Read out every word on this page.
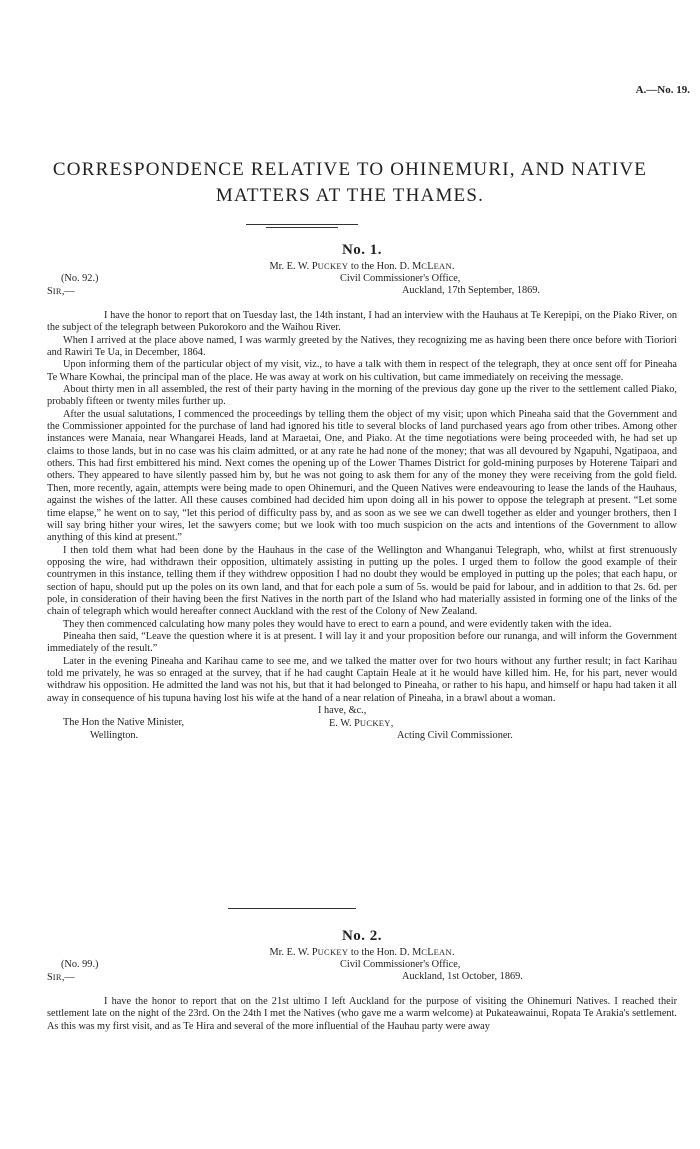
A.—No. 19.
CORRESPONDENCE RELATIVE TO OHINEMURI, AND NATIVE
MATTERS AT THE THAMES.
No. 1.

Mr. E. W. PUCKEY to the Hon. D. MCLEAN.

(No. 92.)	Civil Commissioner's Office,
Auckland, 17th September, 1869.
SIR,—

I have the honor to report that on Tuesday last, the 14th instant, I had an interview with the Hauhaus at Te Kerepipi, on the Piako River, on the subject of the telegraph between Pukorokoro and the Waihou River.

When I arrived at the place above named, I was warmly greeted by the Natives, they recognizing me as having been there once before with Tioriori and Rawiri Te Ua, in December, 1864.

Upon informing them of the particular object of my visit, viz., to have a talk with them in respect of the telegraph, they at once sent off for Pineaha Te Whare Kowhai, the principal man of the place. He was away at work on his cultivation, but came immediately on receiving the message.

About thirty men in all assembled, the rest of their party having in the morning of the previous day gone up the river to the settlement called Piako, probably fifteen or twenty miles further up.

After the usual salutations, I commenced the proceedings by telling them the object of my visit; upon which Pineaha said that the Government and the Commissioner appointed for the purchase of land had ignored his title to several blocks of land purchased years ago from other tribes. Among other instances were Manaia, near Whangarei Heads, land at Maraetai, One, and Piako. At the time negotiations were being proceeded with, he had set up claims to those lands, but in no case was his claim admitted, or at any rate he had none of the money; that was all devoured by Ngapuhi, Ngatipaoa, and others. This had first embittered his mind. Next comes the opening up of the Lower Thames District for gold-mining purposes by Hoterene Taipari and others. They appeared to have silently passed him by, but he was not going to ask them for any of the money they were receiving from the gold field. Then, more recently, again, attempts were being made to open Ohinemuri, and the Queen Natives were endeavouring to lease the lands of the Hauhaus, against the wishes of the latter. All these causes combined had decided him upon doing all in his power to oppose the telegraph at present. “Let some time elapse,” he went on to say, “let this period of difficulty pass by, and as soon as we see we can dwell together as elder and younger brothers, then I will say bring hither your wires, let the sawyers come; but we look with too much suspicion on the acts and intentions of the Government to allow anything of this kind at present.”

I then told them what had been done by the Hauhaus in the case of the Wellington and Whanganui Telegraph, who, whilst at first strenuously opposing the wire, had withdrawn their opposition, ultimately assisting in putting up the poles. I urged them to follow the good example of their countrymen in this instance, telling them if they withdrew opposition I had no doubt they would be employed in putting up the poles; that each hapu, or section of hapu, should put up the poles on its own land, and that for each pole a sum of 5s. would be paid for labour, and in addition to that 2s. 6d. per pole, in consideration of their having been the first Natives in the north part of the Island who had materially assisted in forming one of the links of the chain of telegraph which would hereafter connect Auckland with the rest of the Colony of New Zealand.

They then commenced calculating how many poles they would have to erect to earn a pound, and were evidently taken with the idea.

Pineaha then said, “Leave the question where it is at present. I will lay it and your proposition before our runanga, and will inform the Government immediately of the result.”

Later in the evening Pineaha and Karihau came to see me, and we talked the matter over for two hours without any further result; in fact Karihau told me privately, he was so enraged at the survey, that if he had caught Captain Heale at it he would have killed him. He, for his part, never would withdraw his opposition. He admitted the land was not his, but that it had belonged to Pineaha, or rather to his hapu, and himself or hapu had taken it all away in consequence of his tupuna having lost his wife at the hand of a near relation of Pineaha, in a brawl about a woman.

I have, &c.,
E. W. PUCKEY,
Acting Civil Commissioner.
The Hon the Native Minister,
Wellington.
No. 2.

Mr. E. W. PUCKEY to the Hon. D. MCLEAN.

(No. 99.)	Civil Commissioner's Office,
Auckland, 1st October, 1869.
SIR,—

I have the honor to report that on the 21st ultimo I left Auckland for the purpose of visiting the Ohinemuri Natives. I reached their settlement late on the night of the 23rd. On the 24th I met the Natives (who gave me a warm welcome) at Pukateawainui, Ropata Te Arakia's settlement. As this was my first visit, and as Te Hira and several of the more influential of the Hauhau party were away
